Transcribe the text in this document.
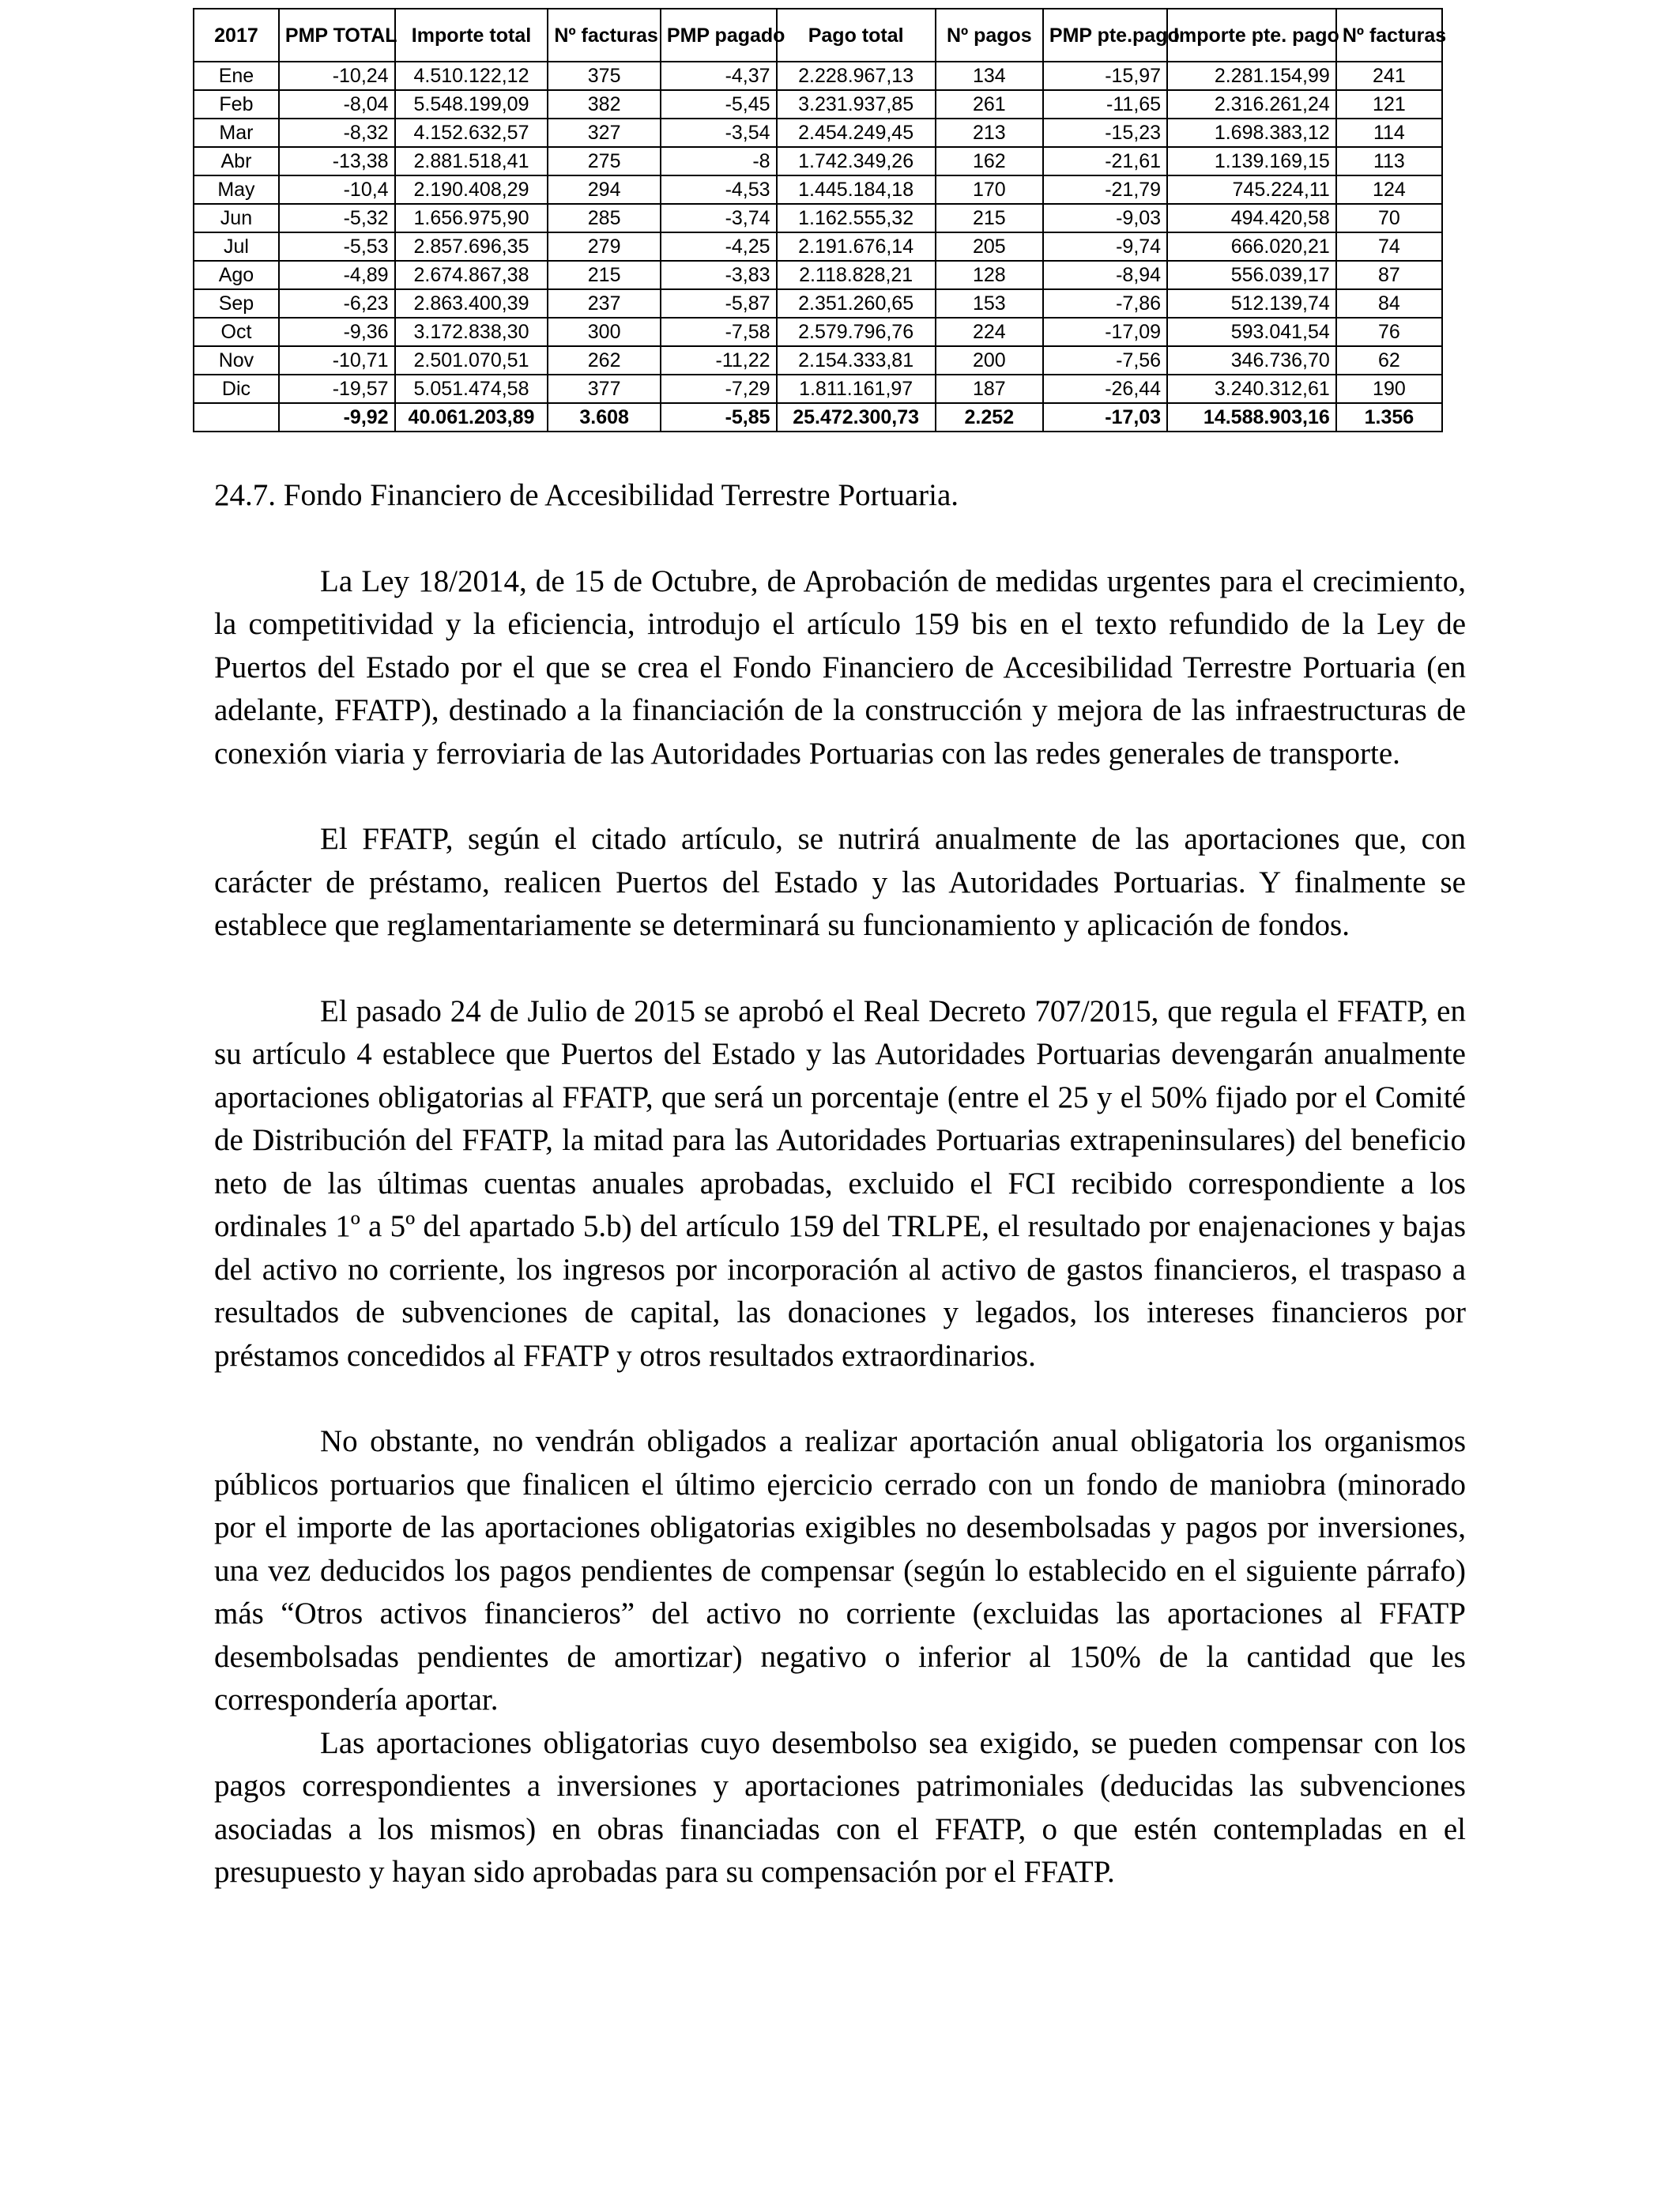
2017	PMP TOTAL	Importe total	Nº facturas	PMP pagado	Pago total	Nº pagos	PMP pte.pago	Importe pte. pago	Nº facturas
Ene	-10,24	4.510.122,12	375	-4,37	2.228.967,13	134	-15,97	2.281.154,99	241
Feb	-8,04	5.548.199,09	382	-5,45	3.231.937,85	261	-11,65	2.316.261,24	121
Mar	-8,32	4.152.632,57	327	-3,54	2.454.249,45	213	-15,23	1.698.383,12	114
Abr	-13,38	2.881.518,41	275	-8	1.742.349,26	162	-21,61	1.139.169,15	113
May	-10,4	2.190.408,29	294	-4,53	1.445.184,18	170	-21,79	745.224,11	124
Jun	-5,32	1.656.975,90	285	-3,74	1.162.555,32	215	-9,03	494.420,58	70
Jul	-5,53	2.857.696,35	279	-4,25	2.191.676,14	205	-9,74	666.020,21	74
Ago	-4,89	2.674.867,38	215	-3,83	2.118.828,21	128	-8,94	556.039,17	87
Sep	-6,23	2.863.400,39	237	-5,87	2.351.260,65	153	-7,86	512.139,74	84
Oct	-9,36	3.172.838,30	300	-7,58	2.579.796,76	224	-17,09	593.041,54	76
Nov	-10,71	2.501.070,51	262	-11,22	2.154.333,81	200	-7,56	346.736,70	62
Dic	-19,57	5.051.474,58	377	-7,29	1.811.161,97	187	-26,44	3.240.312,61	190
	-9,92	40.061.203,89	3.608	-5,85	25.472.300,73	2.252	-17,03	14.588.903,16	1.356

24.7. Fondo Financiero de Accesibilidad Terrestre Portuaria.

La Ley 18/2014, de 15 de Octubre, de Aprobación de medidas urgentes para el crecimiento, la competitividad y la eficiencia, introdujo el artículo 159 bis en el texto refundido de la Ley de Puertos del Estado por el que se crea el Fondo Financiero de Accesibilidad Terrestre Portuaria (en adelante, FFATP), destinado a la financiación de la construcción y mejora de las infraestructuras de conexión viaria y ferroviaria de las Autoridades Portuarias con las redes generales de transporte.

El FFATP, según el citado artículo, se nutrirá anualmente de las aportaciones que, con carácter de préstamo, realicen Puertos del Estado y las Autoridades Portuarias. Y finalmente se establece que reglamentariamente se determinará su funcionamiento y aplicación de fondos.

El pasado 24 de Julio de 2015 se aprobó el Real Decreto 707/2015, que regula el FFATP, en su artículo 4 establece que Puertos del Estado y las Autoridades Portuarias devengarán anualmente aportaciones obligatorias al FFATP, que será un porcentaje (entre el 25 y el 50% fijado por el Comité de Distribución del FFATP, la mitad para las Autoridades Portuarias extrapeninsulares) del beneficio neto de las últimas cuentas anuales aprobadas, excluido el FCI recibido correspondiente a los ordinales 1º a 5º del apartado 5.b) del artículo 159 del TRLPE, el resultado por enajenaciones y bajas del activo no corriente, los ingresos por incorporación al activo de gastos financieros, el traspaso a resultados de subvenciones de capital, las donaciones y legados, los intereses financieros por préstamos concedidos al FFATP y otros resultados extraordinarios.

No obstante, no vendrán obligados a realizar aportación anual obligatoria los organismos públicos portuarios que finalicen el último ejercicio cerrado con un fondo de maniobra (minorado por el importe de las aportaciones obligatorias exigibles no desembolsadas y pagos por inversiones, una vez deducidos los pagos pendientes de compensar (según lo establecido en el siguiente párrafo) más “Otros activos financieros” del activo no corriente (excluidas las aportaciones al FFATP desembolsadas pendientes de amortizar) negativo o inferior al 150% de la cantidad que les correspondería aportar.

Las aportaciones obligatorias cuyo desembolso sea exigido, se pueden compensar con los pagos correspondientes a inversiones y aportaciones patrimoniales (deducidas las subvenciones asociadas a los mismos) en obras financiadas con el FFATP, o que estén contempladas en el presupuesto y hayan sido aprobadas para su compensación por el FFATP.
